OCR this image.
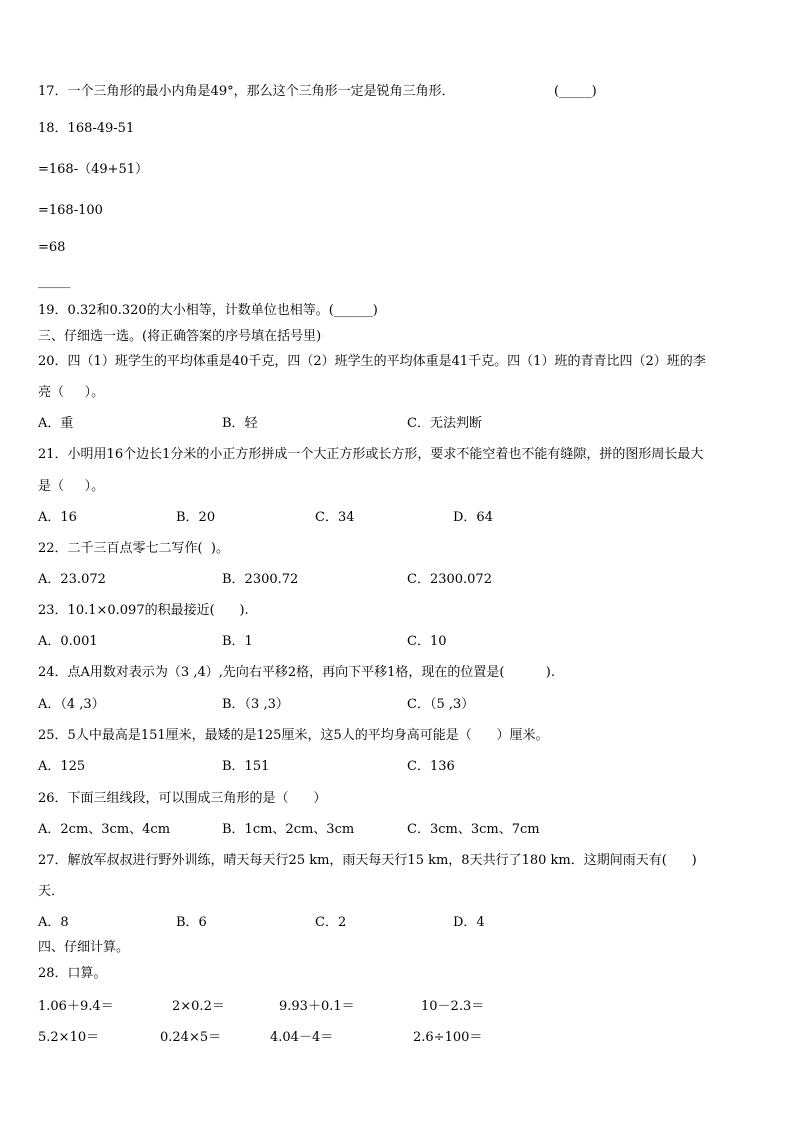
17．一个三角形的最小内角是49°，那么这个三角形一定是锐角三角形．	(_____)
18．168-49-51
=168-（49+51）
=168-100
=68
_____
19．0.32和0.320的大小相等，计数单位也相等。(______)
三、仔细选一选。(将正确答案的序号填在括号里)
20．四（1）班学生的平均体重是40千克，四（2）班学生的平均体重是41千克。四（1）班的青青比四（2）班的李
亮（     ）。
A．重	B．轻	C．无法判断
21．小明用16个边长1分米的小正方形拼成一个大正方形或长方形，要求不能空着也不能有缝隙，拼的图形周长最大
是（     ）。
A．16	B．20	C．34	D．64
22．二千三百点零七二写作(  )。
A．23.072	B．2300.72	C．2300.072
23．10.1×0.097的积最接近(      ).
A．0.001	B．1	C．10
24．点A用数对表示为（3 ,4）,先向右平移2格，再向下平移1格，现在的位置是(          ).
A．（4 ,3）	B．（3 ,3）	C．（5 ,3）
25．5人中最高是151厘米，最矮的是125厘米，这5人的平均身高可能是（      ）厘米。
A．125	B．151	C．136
26．下面三组线段，可以围成三角形的是（      ）
A．2cm、3cm、4cm	B．1cm、2cm、3cm	C．3cm、3cm、7cm
27．解放军叔叔进行野外训练，晴天每天行25 km，雨天每天行15 km，8天共行了180 km．这期间雨天有(      )
天．
A．8	B．6	C．2	D．4
四、仔细计算。
28．口算。
1.06＋9.4＝	2×0.2＝	9.93＋0.1＝	10－2.3＝
5.2×10＝	0.24×5＝	4.04－4＝	2.6÷100＝
